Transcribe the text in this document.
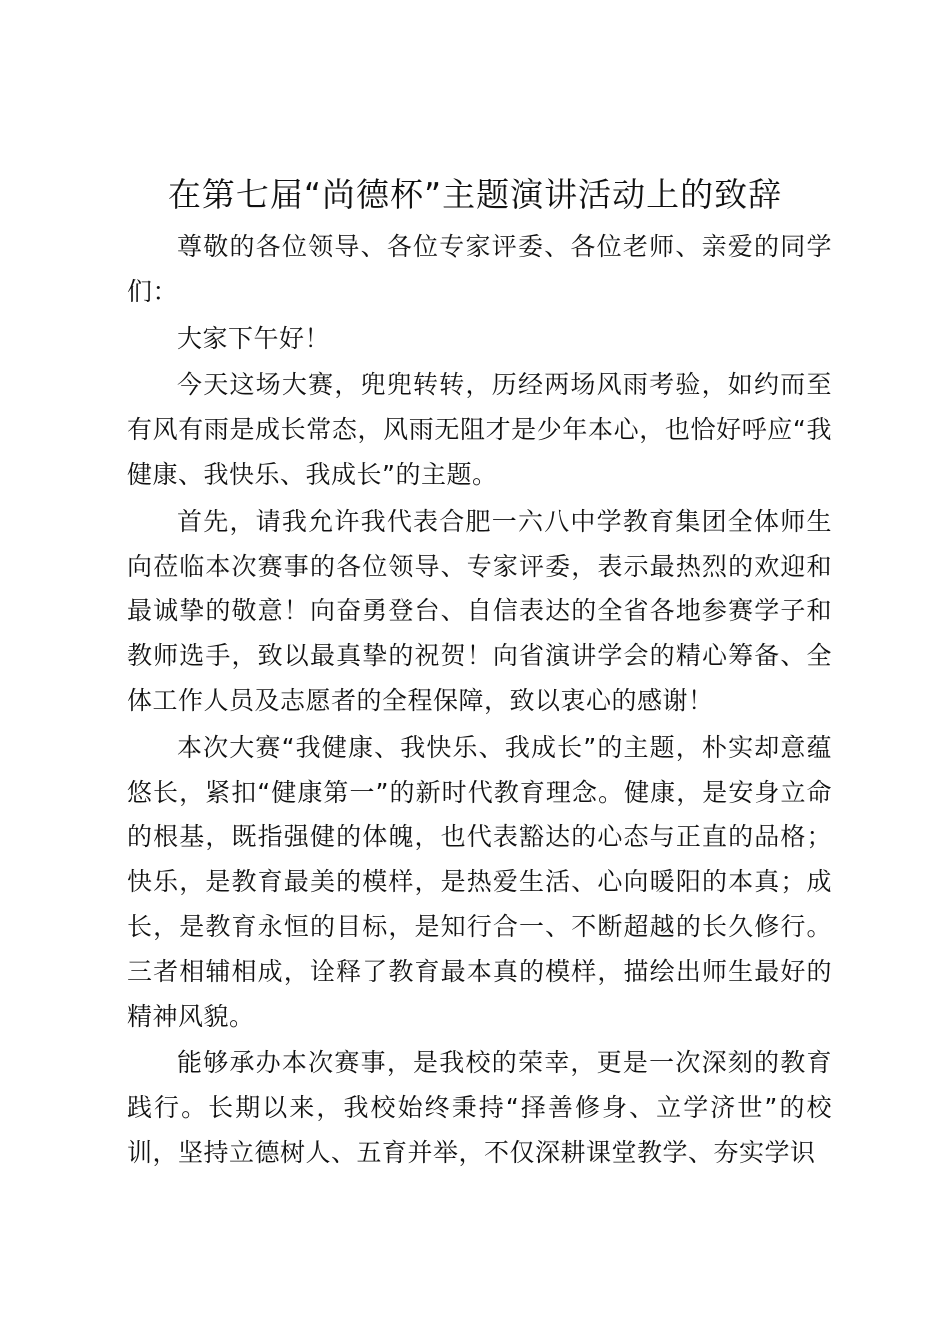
在第七届“尚德杯”主题演讲活动上的致辞

尊敬的各位领导、各位专家评委、各位老师、亲爱的同学们：

大家下午好！

今天这场大赛，兜兜转转，历经两场风雨考验，如约而至 有风有雨是成长常态，风雨无阻才是少年本心，也恰好呼应“我健康、我快乐、我成长”的主题。

首先，请我允许我代表合肥一六八中学教育集团全体师生向莅临本次赛事的各位领导、专家评委，表示最热烈的欢迎和最诚挚的敬意！向奋勇登台、自信表达的全省各地参赛学子和教师选手，致以最真挚的祝贺！向省演讲学会的精心筹备、全体工作人员及志愿者的全程保障，致以衷心的感谢！

本次大赛“我健康、我快乐、我成长”的主题，朴实却意蕴悠长，紧扣“健康第一”的新时代教育理念。健康，是安身立命的根基，既指强健的体魄，也代表豁达的心态与正直的品格；快乐，是教育最美的模样，是热爱生活、心向暖阳的本真；成长，是教育永恒的目标，是知行合一、不断超越的长久修行。三者相辅相成，诠释了教育最本真的模样，描绘出师生最好的精神风貌。

能够承办本次赛事，是我校的荣幸，更是一次深刻的教育践行。长期以来，我校始终秉持“择善修身、立学济世”的校训，坚持立德树人、五育并举，不仅深耕课堂教学、夯实学识
